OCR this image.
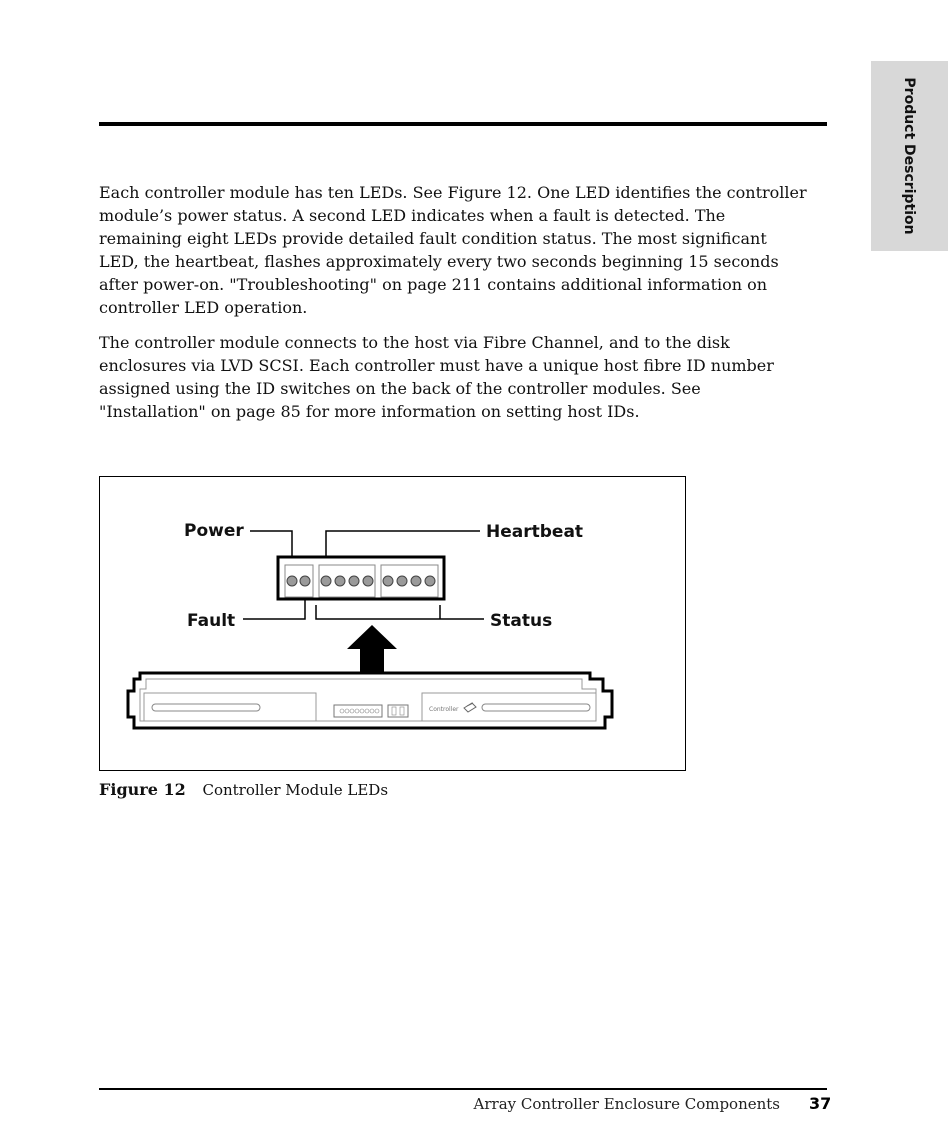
Product Description

Each controller module has ten LEDs. See Figure 12. One LED identifies the controller module’s power status. A second LED indicates when a fault is detected. The remaining eight LEDs provide detailed fault condition status. The most significant LED, the heartbeat, flashes approximately every two seconds beginning 15 seconds after power-on. "Troubleshooting" on page 211 contains additional information on controller LED operation.

The controller module connects to the host via Fibre Channel, and to the disk enclosures via LVD SCSI. Each controller must have a unique host fibre ID number assigned using the ID switches on the back of the controller modules. See "Installation" on page 85 for more information on setting host IDs.

Power	Heartbeat
Fault	Status
Controller
Figure 12 Controller Module LEDs
Array Controller Enclosure Components 37
